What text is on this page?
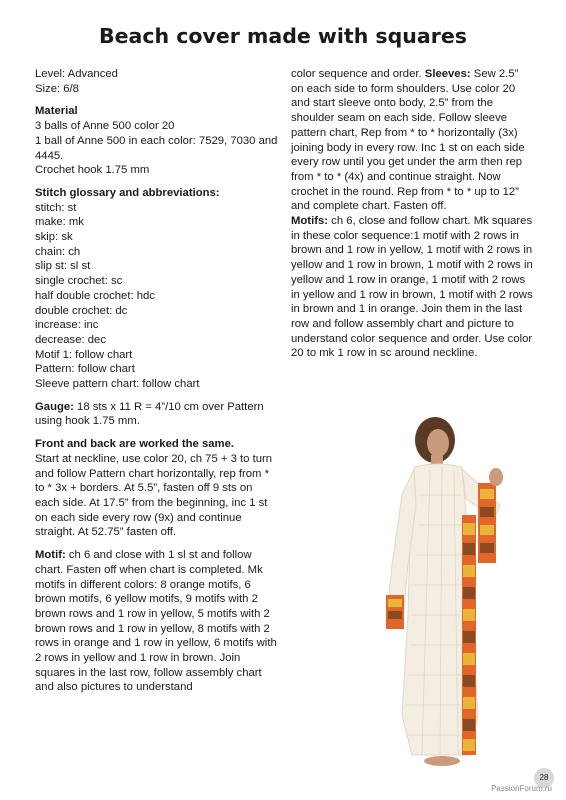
Beach cover made with squares

Level: Advanced

Size: 6/8

Material

3 balls of Anne 500 color 20

1 ball of Anne 500 in each color: 7529, 7030 and 4445.

Crochet hook 1.75 mm

Stitch glossary and abbreviations:

stitch: st

make: mk

skip: sk

chain: ch

slip st: sl st

single crochet: sc

half double crochet: hdc

double crochet: dc

increase: inc

decrease: dec

Motif 1: follow chart

Pattern: follow chart

Sleeve pattern chart: follow chart

Gauge: 18 sts x 11 R = 4”/10 cm over Pattern using hook 1.75 mm.

Front and back are worked the same.

Start at neckline, use color 20, ch 75 + 3 to turn and follow Pattern chart horizontally, rep from * to * 3x + borders. At 5.5”, fasten off 9 sts on each side. At 17.5” from the beginning, inc 1 st on each side every row (9x) and continue straight. At 52.75” fasten off.

Motif: ch 6 and close with 1 sl st and follow chart. Fasten off when chart is completed. Mk motifs in different colors: 8 orange motifs, 6 brown motifs, 6 yellow motifs, 9 motifs with 2 brown rows and 1 row in yellow, 5 motifs with 2 brown rows and 1 row in yellow, 8 motifs with 2 rows in orange and 1 row in yellow, 6 motifs with 2 rows in yellow and 1 row in brown. Join squares in the last row, follow assembly chart and also pictures to understand

color sequence and order. Sleeves: Sew 2.5” on each side to form shoulders. Use color 20 and start sleeve onto body, 2.5” from the shoulder seam on each side. Follow sleeve pattern chart, Rep from * to * horizontally (3x) joining body in every row. Inc 1 st on each side every row until you get under the arm then rep from * to * (4x) and continue straight. Now crochet in the round. Rep from * to * up to 12” and complete chart. Fasten off.

Motifs: ch 6, close and follow chart. Mk squares in these color sequence:1 motif with 2 rows in brown and 1 row in yellow, 1 motif with 2 rows in yellow and 1 row in brown, 1 motif with 2 rows in yellow and 1 row in orange, 1 motif with 2 rows in yellow and 1 row in brown, 1 motif with 2 rows in brown and 1 in orange. Join them in the last row and follow assembly chart and picture to understand color sequence and order. Use color 20 to mk 1 row in sc around neckline.

28
PassionForum.ru
